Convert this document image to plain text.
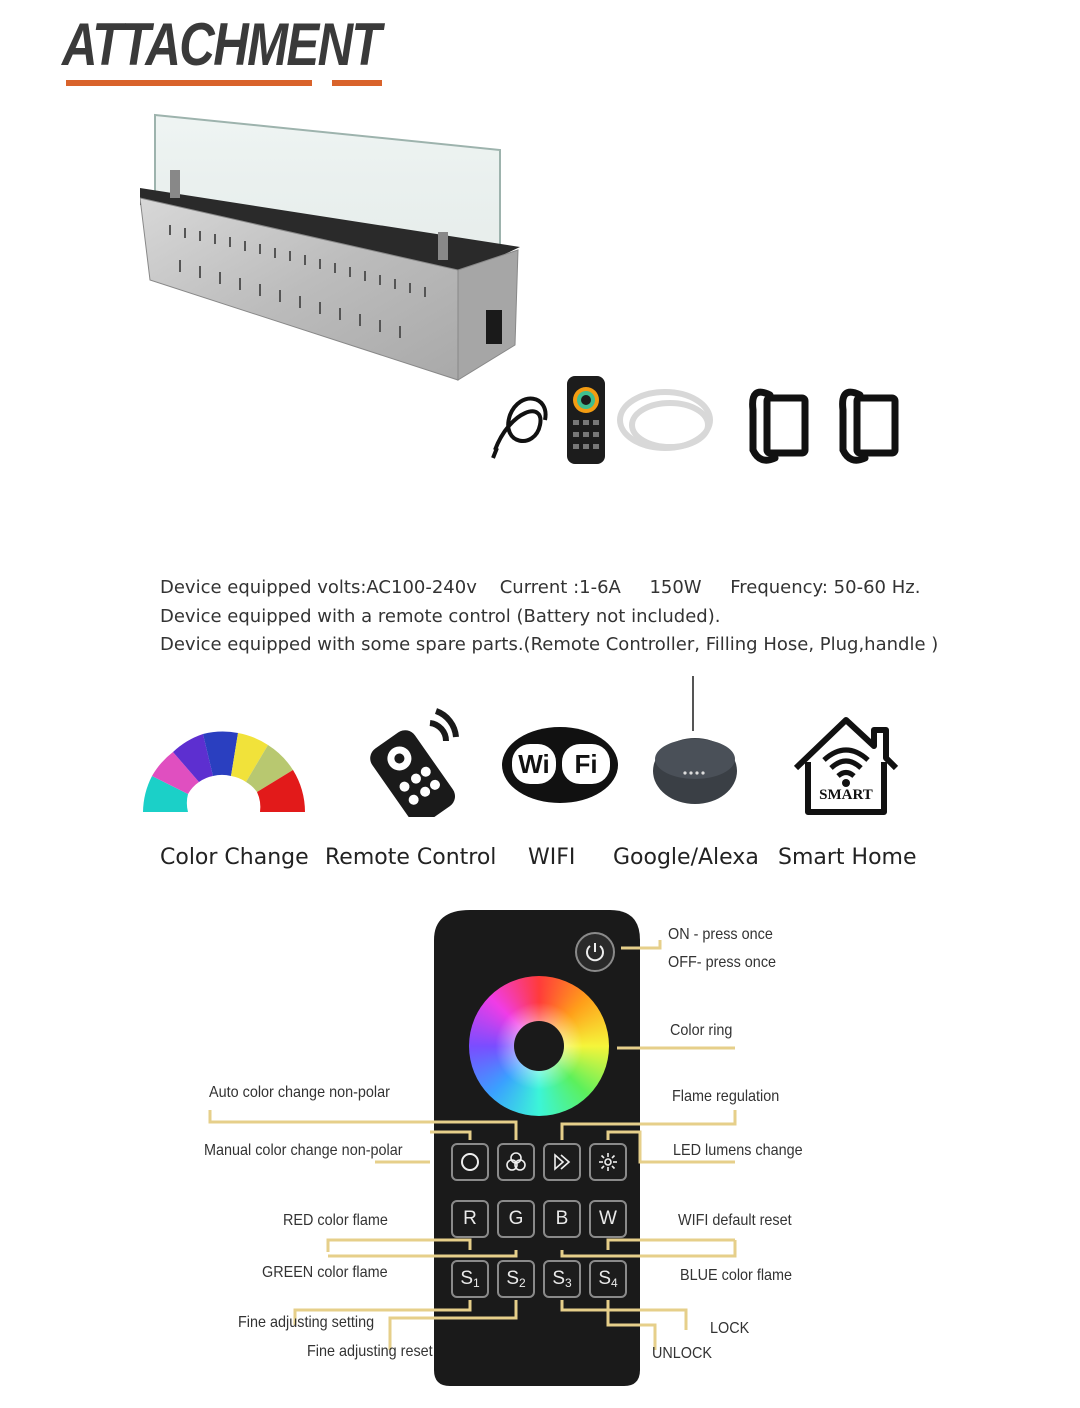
ATTACHMENT
Device equipped volts:AC100-240v    Current :1-6A     150W     Frequency: 50-60 Hz.
Device equipped with a remote control (Battery not included).
Device equipped with some spare parts.(Remote Controller, Filling Hose, Plug,handle )
Wi Fi
SMART
Color Change Remote Control WIFI Google/Alexa Smart Home
R	G	B	W
S 1 S 2 S 3 S 4
ON - press once
OFF- press once
Color ring
Auto color change non-polar	Flame regulation
Manual color change non-polar	LED lumens change
RED color flame	WIFI default reset
GREEN color flame	BLUE color flame
Fine adjusting setting	LOCK
Fine adjusting reset	UNLOCK
